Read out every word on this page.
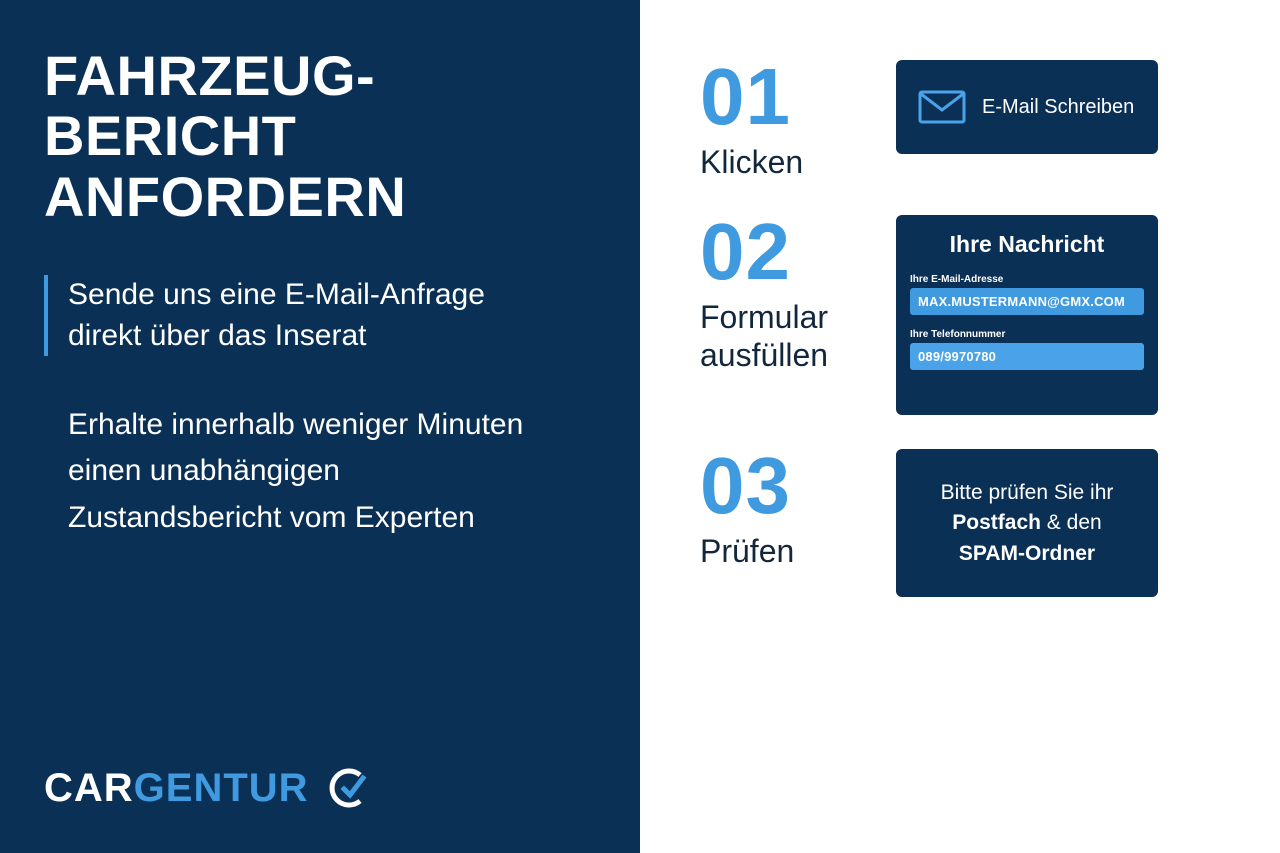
FAHRZEUG-
BERICHT
ANFORDERN
Sende uns eine E-Mail-Anfrage
direkt über das Inserat
Erhalte innerhalb weniger Minuten
einen unabhängigen
Zustandsbericht vom Experten
CARGENTUR
01
Klicken
E-Mail Schreiben
02
Formular
ausfüllen
Ihre Nachricht
Ihre E-Mail-Adresse
MAX.MUSTERMANN@GMX.COM
Ihre Telefonnummer
089/9970780
03
Prüfen
Bitte prüfen Sie ihr
Postfach & den
SPAM-Ordner
